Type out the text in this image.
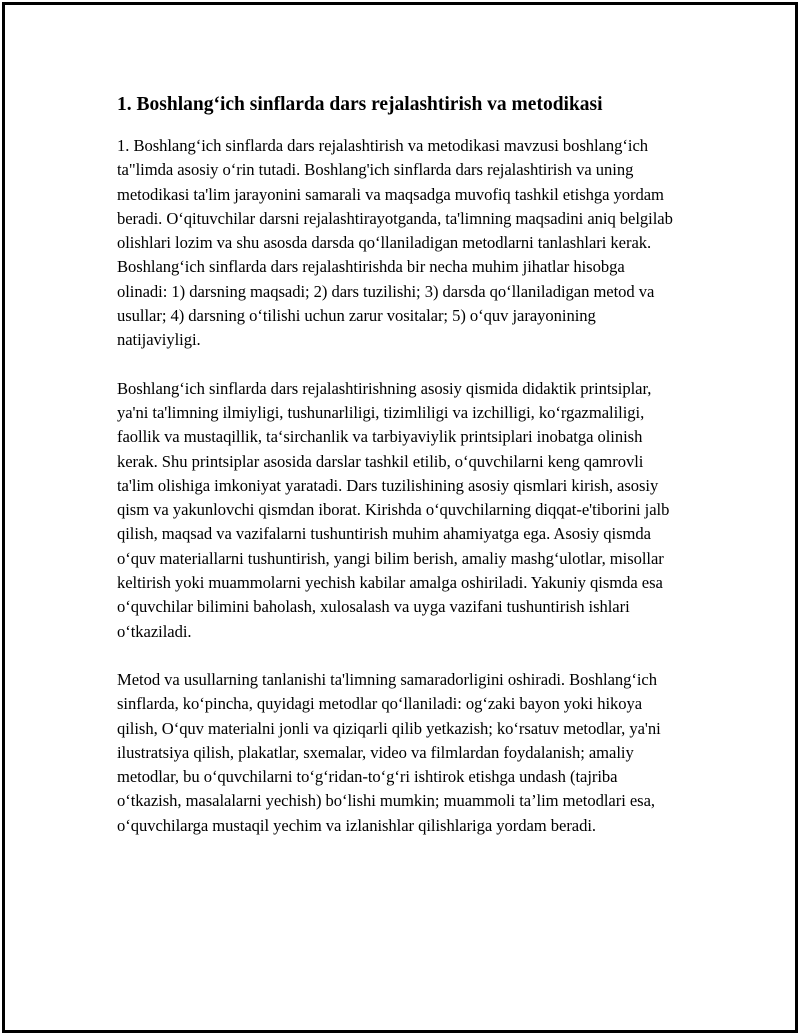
1. Boshlang‘ich sinflarda dars rejalashtirish va metodikasi

1. Boshlang‘ich sinflarda dars rejalashtirish va metodikasi mavzusi boshlang‘ich ta"limda asosiy o‘rin tutadi. Boshlang'ich sinflarda dars rejalashtirish va uning metodikasi ta'lim jarayonini samarali va maqsadga muvofiq tashkil etishga yordam beradi. O‘qituvchilar darsni rejalashtirayotganda, ta'limning maqsadini aniq belgilab olishlari lozim va shu asosda darsda qo‘llaniladigan metodlarni tanlashlari kerak. Boshlang‘ich sinflarda dars rejalashtirishda bir necha muhim jihatlar hisobga olinadi: 1) darsning maqsadi; 2) dars tuzilishi; 3) darsda qo‘llaniladigan metod va usullar; 4) darsning o‘tilishi uchun zarur vositalar; 5) o‘quv jarayonining natijaviyligi.

Boshlang‘ich sinflarda dars rejalashtirishning asosiy qismida didaktik printsiplar, ya'ni ta'limning ilmiyligi, tushunarliligi, tizimliligi va izchilligi, ko‘rgazmaliligi, faollik va mustaqillik, ta‘sirchanlik va tarbiyaviylik printsiplari inobatga olinish kerak. Shu printsiplar asosida darslar tashkil etilib, o‘quvchilarni keng qamrovli ta'lim olishiga imkoniyat yaratadi. Dars tuzilishining asosiy qismlari kirish, asosiy qism va yakunlovchi qismdan iborat. Kirishda o‘quvchilarning diqqat-e'tiborini jalb qilish, maqsad va vazifalarni tushuntirish muhim ahamiyatga ega. Asosiy qismda o‘quv materiallarni tushuntirish, yangi bilim berish, amaliy mashg‘ulotlar, misollar keltirish yoki muammolarni yechish kabilar amalga oshiriladi. Yakuniy qismda esa o‘quvchilar bilimini baholash, xulosalash va uyga vazifani tushuntirish ishlari o‘tkaziladi.

Metod va usullarning tanlanishi ta'limning samaradorligini oshiradi. Boshlang‘ich sinflarda, ko‘pincha, quyidagi metodlar qo‘llaniladi: og‘zaki bayon yoki hikoya qilish, O‘quv materialni jonli va qiziqarli qilib yetkazish; ko‘rsatuv metodlar, ya'ni ilustratsiya qilish, plakatlar, sxemalar, video va filmlardan foydalanish; amaliy metodlar, bu o‘quvchilarni to‘g‘ridan-to‘g‘ri ishtirok etishga undash (tajriba o‘tkazish, masalalarni yechish) bo‘lishi mumkin; muammoli ta’lim metodlari esa, o‘quvchilarga mustaqil yechim va izlanishlar qilishlariga yordam beradi.
